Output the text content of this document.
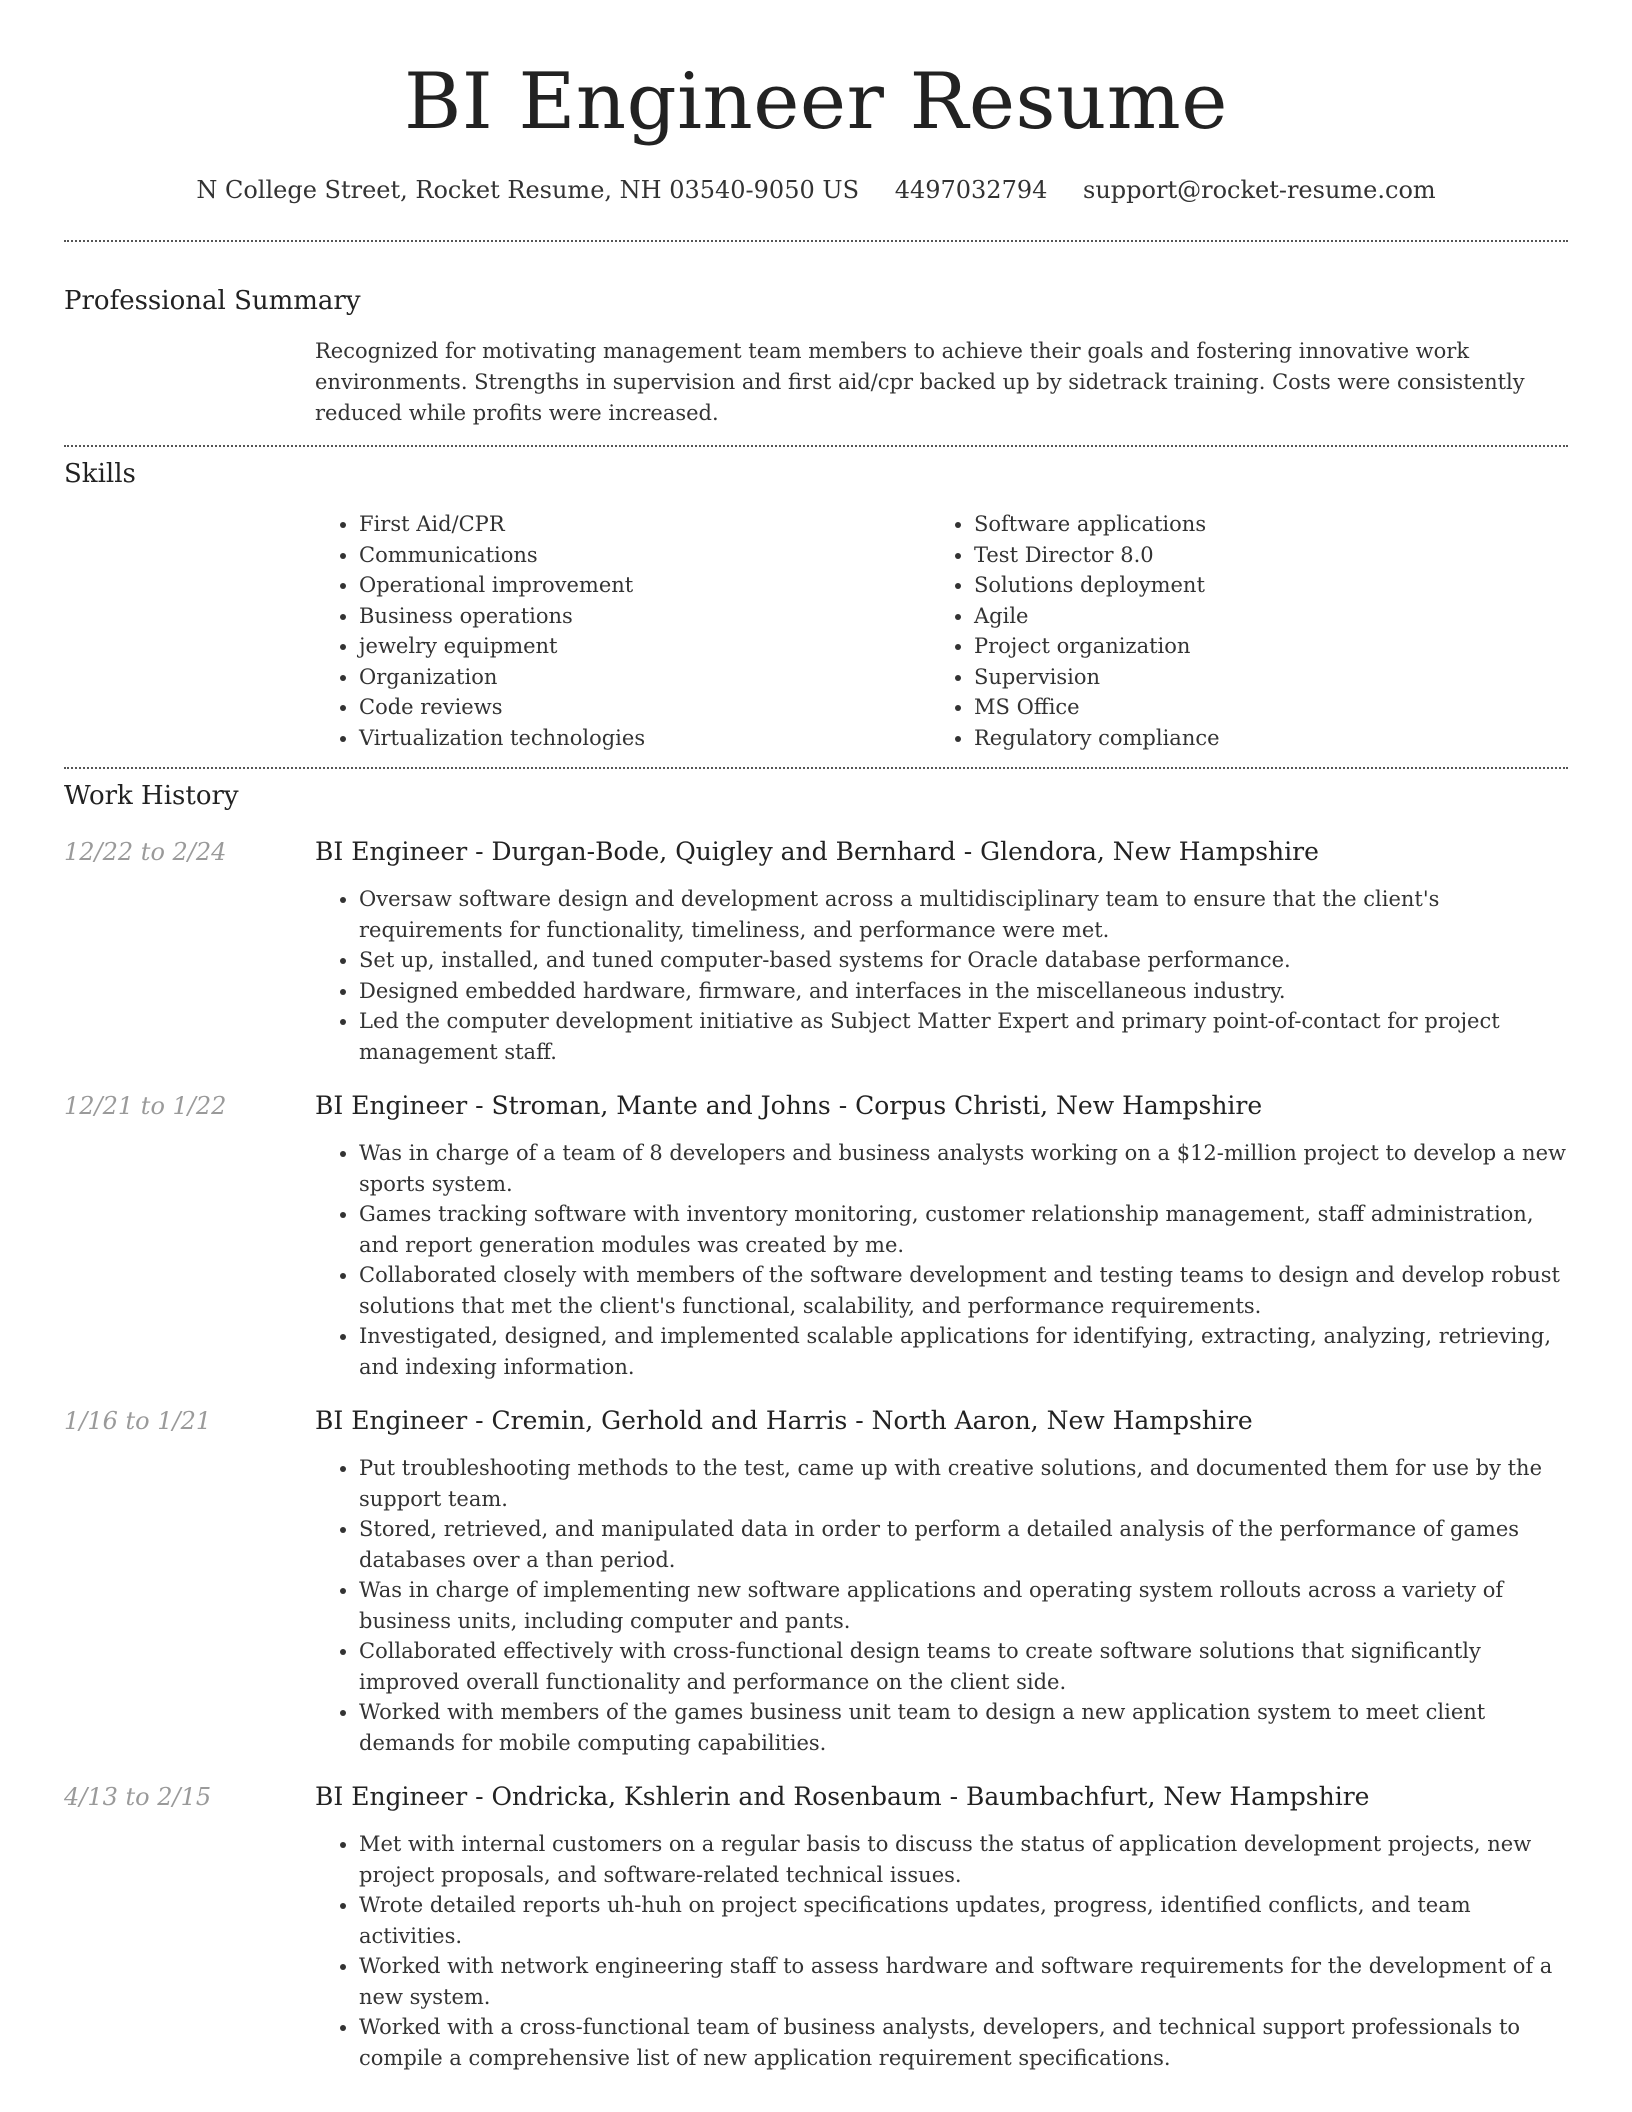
BI Engineer Resume
N College Street, Rocket Resume, NH 03540-9050 US 4497032794 support@rocket-resume.com
Professional Summary

Recognized for motivating management team members to achieve their goals and fostering innovative work environments. Strengths in supervision and first aid/cpr backed up by sidetrack training. Costs were consistently reduced while profits were increased.

Skills
• First Aid/CPR
• Communications
• Operational improvement
• Business operations
• jewelry equipment
• Organization
• Code reviews
• Virtualization technologies
• Software applications
• Test Director 8.0
• Solutions deployment
• Agile
• Project organization
• Supervision
• MS Office
• Regulatory compliance
Work History
12/22 to 2/24	BI Engineer - Durgan-Bode, Quigley and Bernhard - Glendora, New Hampshire
• Oversaw software design and development across a multidisciplinary team to ensure that the client's requirements for functionality, timeliness, and performance were met.
• Set up, installed, and tuned computer-based systems for Oracle database performance.
• Designed embedded hardware, firmware, and interfaces in the miscellaneous industry.
• Led the computer development initiative as Subject Matter Expert and primary point-of-contact for project management staff.
12/21 to 1/22	BI Engineer - Stroman, Mante and Johns - Corpus Christi, New Hampshire
• Was in charge of a team of 8 developers and business analysts working on a $12-million project to develop a new sports system.
• Games tracking software with inventory monitoring, customer relationship management, staff administration, and report generation modules was created by me.
• Collaborated closely with members of the software development and testing teams to design and develop robust solutions that met the client's functional, scalability, and performance requirements.
• Investigated, designed, and implemented scalable applications for identifying, extracting, analyzing, retrieving, and indexing information.
1/16 to 1/21	BI Engineer - Cremin, Gerhold and Harris - North Aaron, New Hampshire
• Put troubleshooting methods to the test, came up with creative solutions, and documented them for use by the support team.
• Stored, retrieved, and manipulated data in order to perform a detailed analysis of the performance of games databases over a than period.
• Was in charge of implementing new software applications and operating system rollouts across a variety of business units, including computer and pants.
• Collaborated effectively with cross-functional design teams to create software solutions that significantly improved overall functionality and performance on the client side.
• Worked with members of the games business unit team to design a new application system to meet client demands for mobile computing capabilities.
4/13 to 2/15	BI Engineer - Ondricka, Kshlerin and Rosenbaum - Baumbachfurt, New Hampshire
• Met with internal customers on a regular basis to discuss the status of application development projects, new project proposals, and software-related technical issues.
• Wrote detailed reports uh-huh on project specifications updates, progress, identified conflicts, and team activities.
• Worked with network engineering staff to assess hardware and software requirements for the development of a new system.
• Worked with a cross-functional team of business analysts, developers, and technical support professionals to compile a comprehensive list of new application requirement specifications.
